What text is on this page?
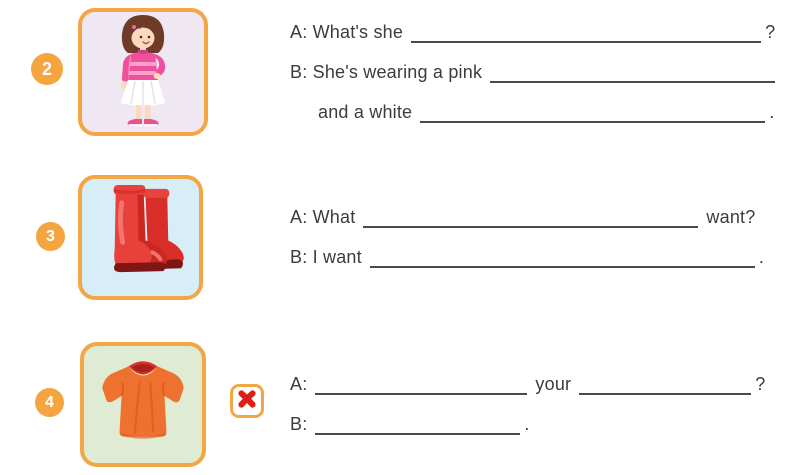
2
A: What's she	?
B: She's wearing a pink
and a white	.
3
A: What	want?
B: I want	.
4
A:	your	?
B:	.
